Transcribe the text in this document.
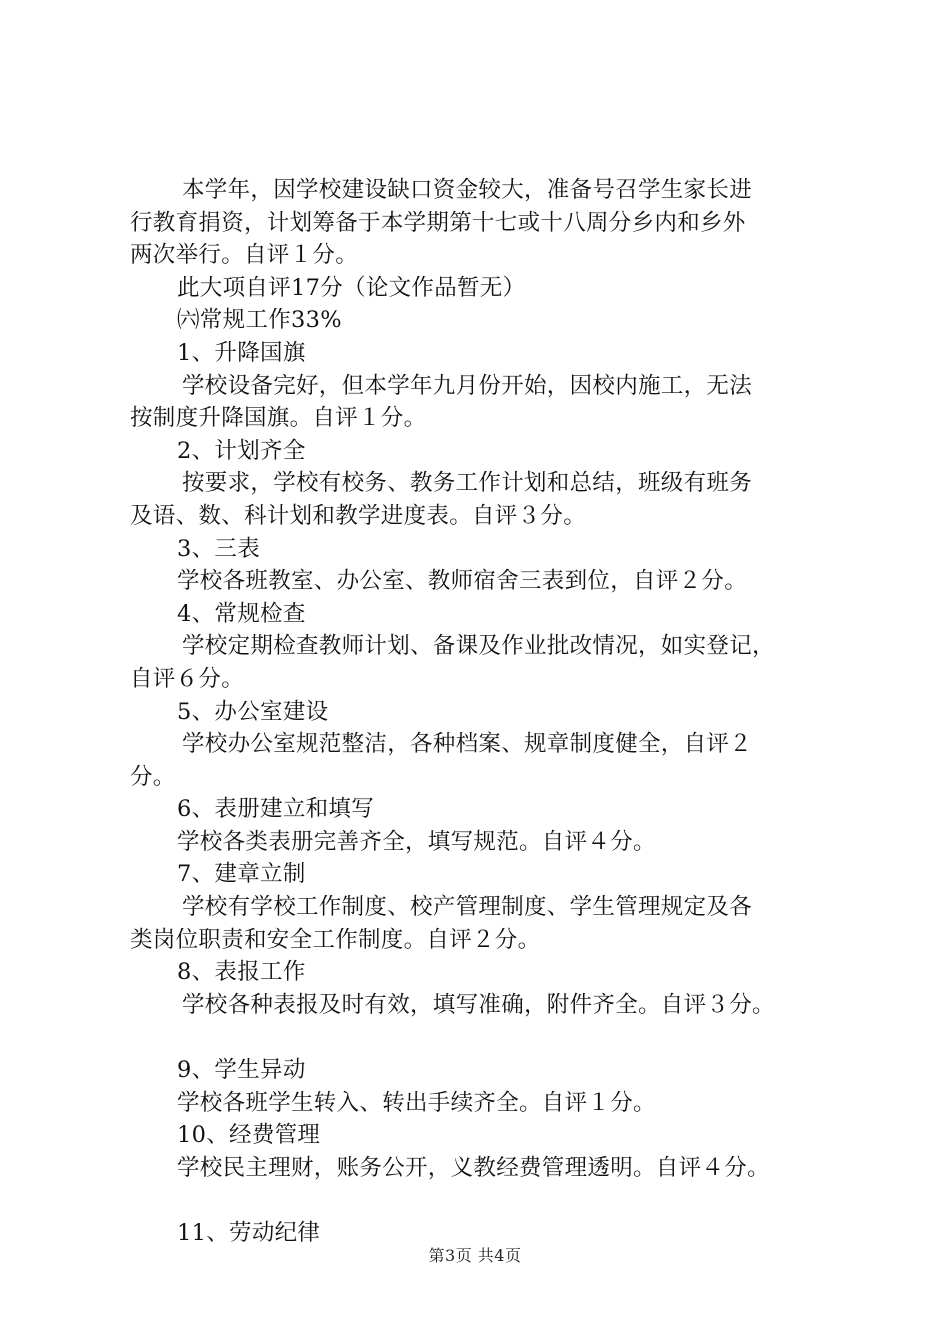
本学年，因学校建设缺口资金较大，准备号召学生家长进
行教育捐资，计划筹备于本学期第十七或十八周分乡内和乡外
两次举行。自评１分。
此大项自评17分（论文作品暂无）
㈥常规工作33%
1、升降国旗
学校设备完好，但本学年九月份开始，因校内施工，无法
按制度升降国旗。自评１分。
2、计划齐全
按要求，学校有校务、教务工作计划和总结，班级有班务
及语、数、科计划和教学进度表。自评３分。
3、三表
学校各班教室、办公室、教师宿舍三表到位，自评２分。
4、常规检查
学校定期检查教师计划、备课及作业批改情况，如实登记，
自评６分。
5、办公室建设
学校办公室规范整洁，各种档案、规章制度健全，自评２
分。
6、表册建立和填写
学校各类表册完善齐全，填写规范。自评４分。
7、建章立制
学校有学校工作制度、校产管理制度、学生管理规定及各
类岗位职责和安全工作制度。自评２分。
8、表报工作
学校各种表报及时有效，填写准确，附件齐全。自评３分。
9、学生异动
学校各班学生转入、转出手续齐全。自评１分。
10、经费管理
学校民主理财，账务公开，义教经费管理透明。自评４分。
11、劳动纪律
第3页 共4页
